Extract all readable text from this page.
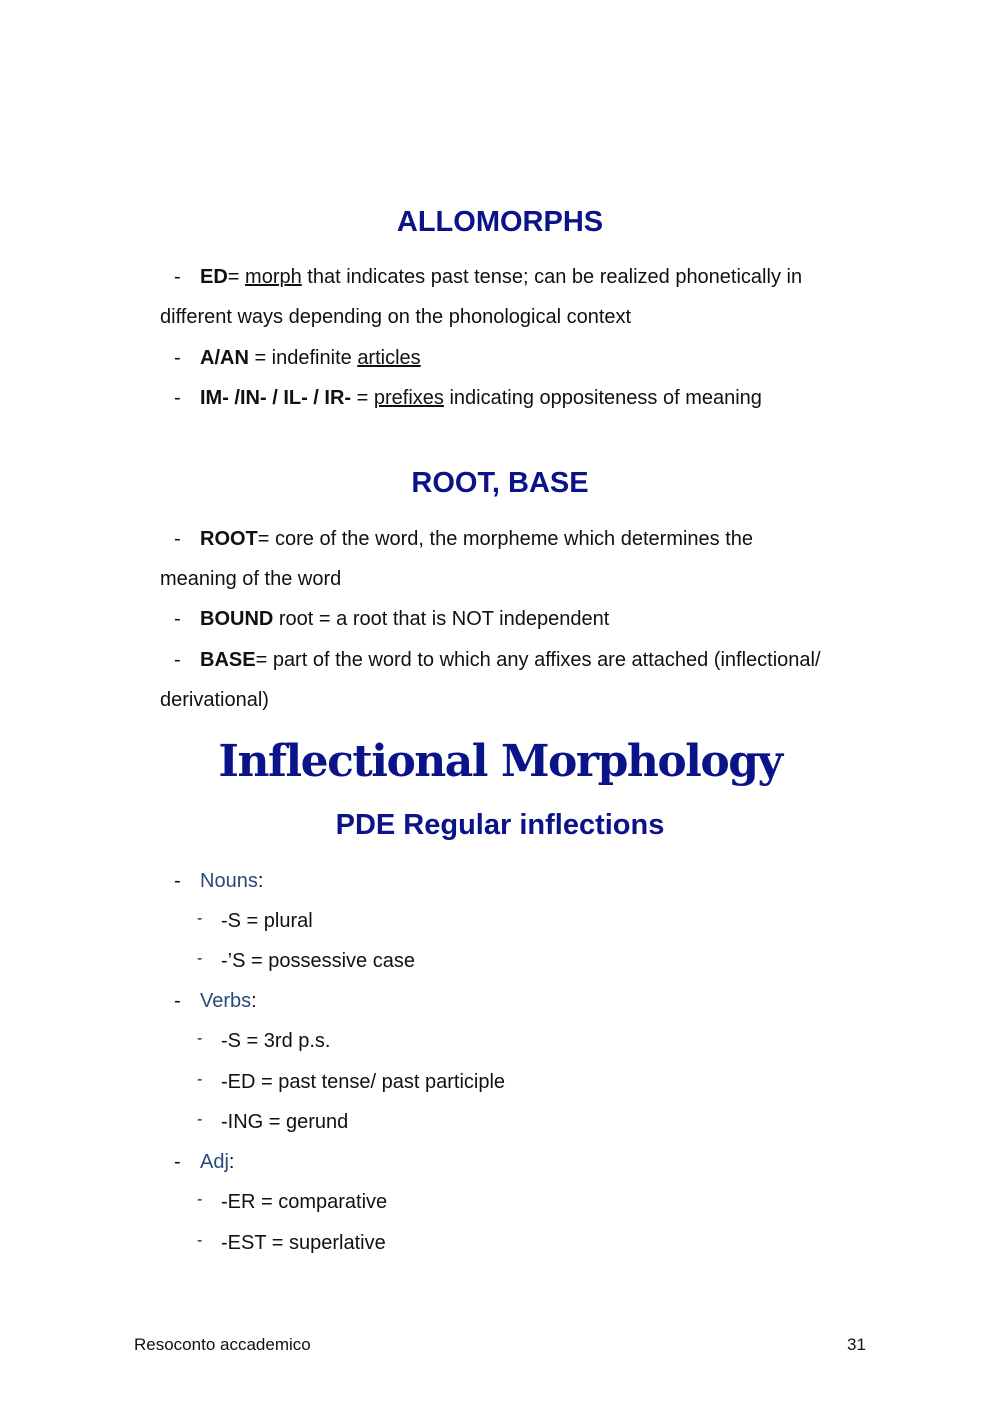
ALLOMORPHS
- ED= morph that indicates past tense; can be realized phonetically in
different ways depending on the phonological context
- A/AN = indefinite articles
- IM- /IN- / IL- / IR- = prefixes indicating oppositeness of meaning
ROOT, BASE
- ROOT= core of the word, the morpheme which determines the
meaning of the word
- BOUND root = a root that is NOT independent
- BASE= part of the word to which any affixes are attached (inflectional/
derivational)
Inflectional Morphology
PDE Regular inflections
- Nouns:
- -S = plural
- -’S = possessive case
- Verbs:
- -S = 3rd p.s.
- -ED = past tense/ past participle
- -ING = gerund
- Adj:
- -ER = comparative
- -EST = superlative
Resoconto accademico	31
